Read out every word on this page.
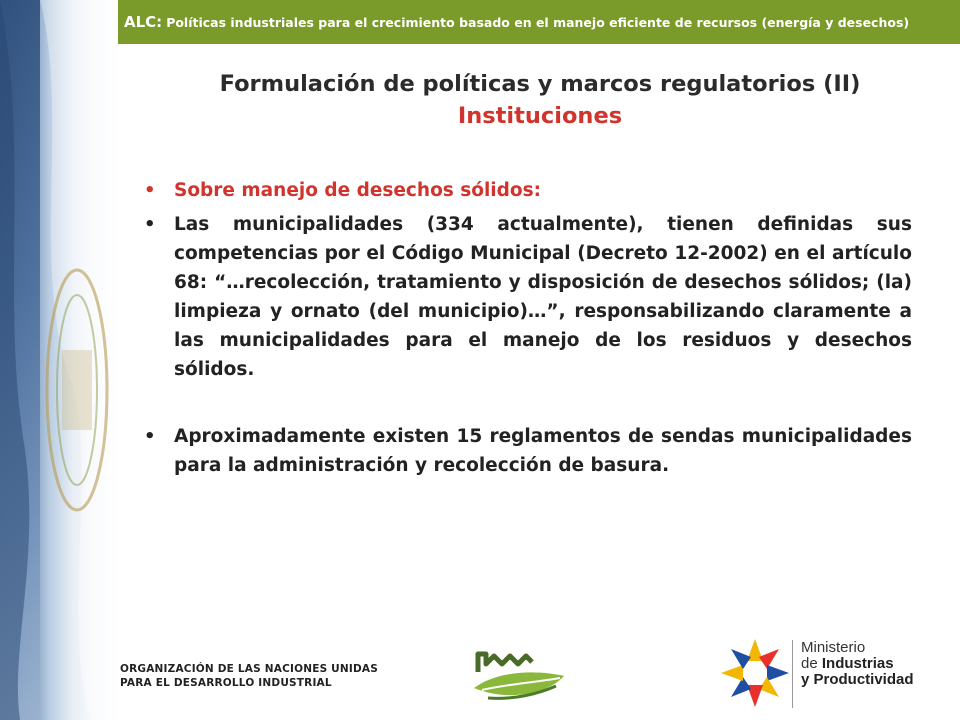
ALC: Políticas industriales para el crecimiento basado en el manejo eficiente de recursos (energía y desechos)
Formulación de políticas y marcos regulatorios (II)
Instituciones
• Sobre manejo de desechos sólidos:
• Las municipalidades (334 actualmente), tienen definidas sus competencias por el Código Municipal (Decreto 12-2002) en el artículo 68: “…recolección, tratamiento y disposición de desechos sólidos; (la) limpieza y ornato (del municipio)…”, responsabilizando claramente a las municipalidades para el manejo de los residuos y desechos sólidos.
• Aproximadamente existen 15 reglamentos de sendas municipalidades para la administración y recolección de basura.
ORGANIZACIÓN DE LAS NACIONES UNIDAS
PARA EL DESARROLLO INDUSTRIAL
Ministerio
de Industrias
y Productividad
